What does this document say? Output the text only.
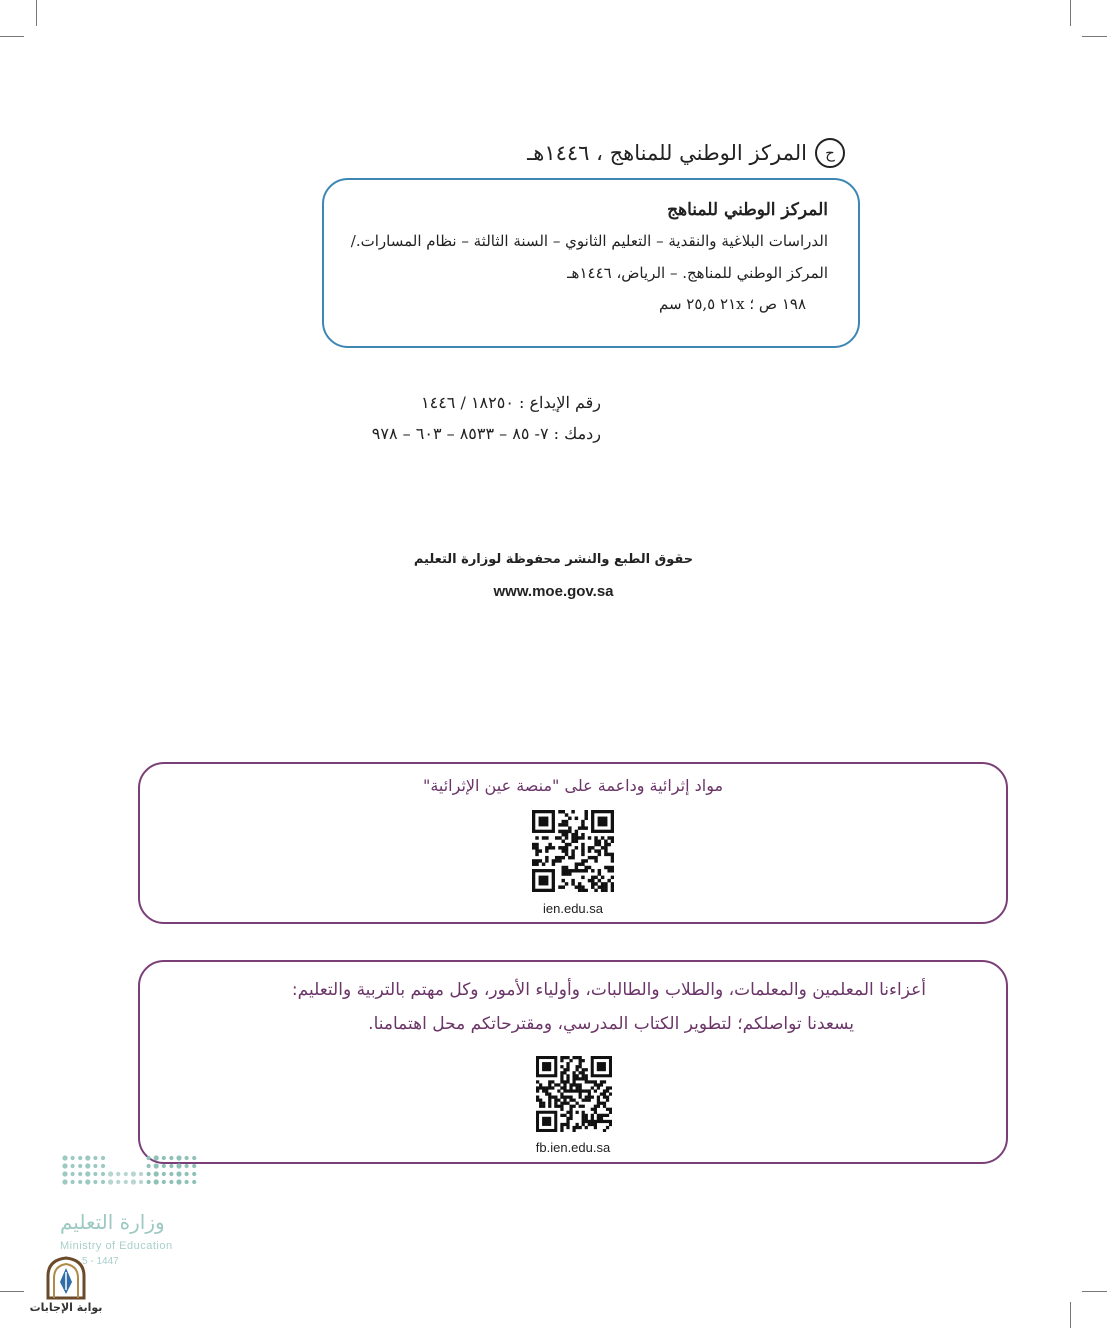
ح
المركز الوطني للمناهج ، ١٤٤٦هـ
المركز الوطني للمناهج
الدراسات البلاغية والنقدية – التعليم الثانوي – السنة الثالثة – نظام المسارات./
المركز الوطني للمناهج. – الرياض، ١٤٤٦هـ
١٩٨ ص ؛ ٢١x ٢٥,٥ سم
رقم الإيداع : ١٨٢٥٠ / ١٤٤٦
ردمك : ٧- ٨٥ – ٨٥٣٣ – ٦٠٣ – ٩٧٨
حقوق الطبع والنشر محفوظة لوزارة التعليم
www.moe.gov.sa
مواد إثرائية وداعمة على "منصة عين الإثرائية"
ien.edu.sa
أعزاءنا المعلمين والمعلمات، والطلاب والطالبات، وأولياء الأمور، وكل مهتم بالتربية والتعليم:
يسعدنا تواصلكم؛ لتطوير الكتاب المدرسي، ومقترحاتكم محل اهتمامنا.
fb.ien.edu.sa
وزارة التعليم
Ministry of Education
5 - 1447
بوابة الإجابات
